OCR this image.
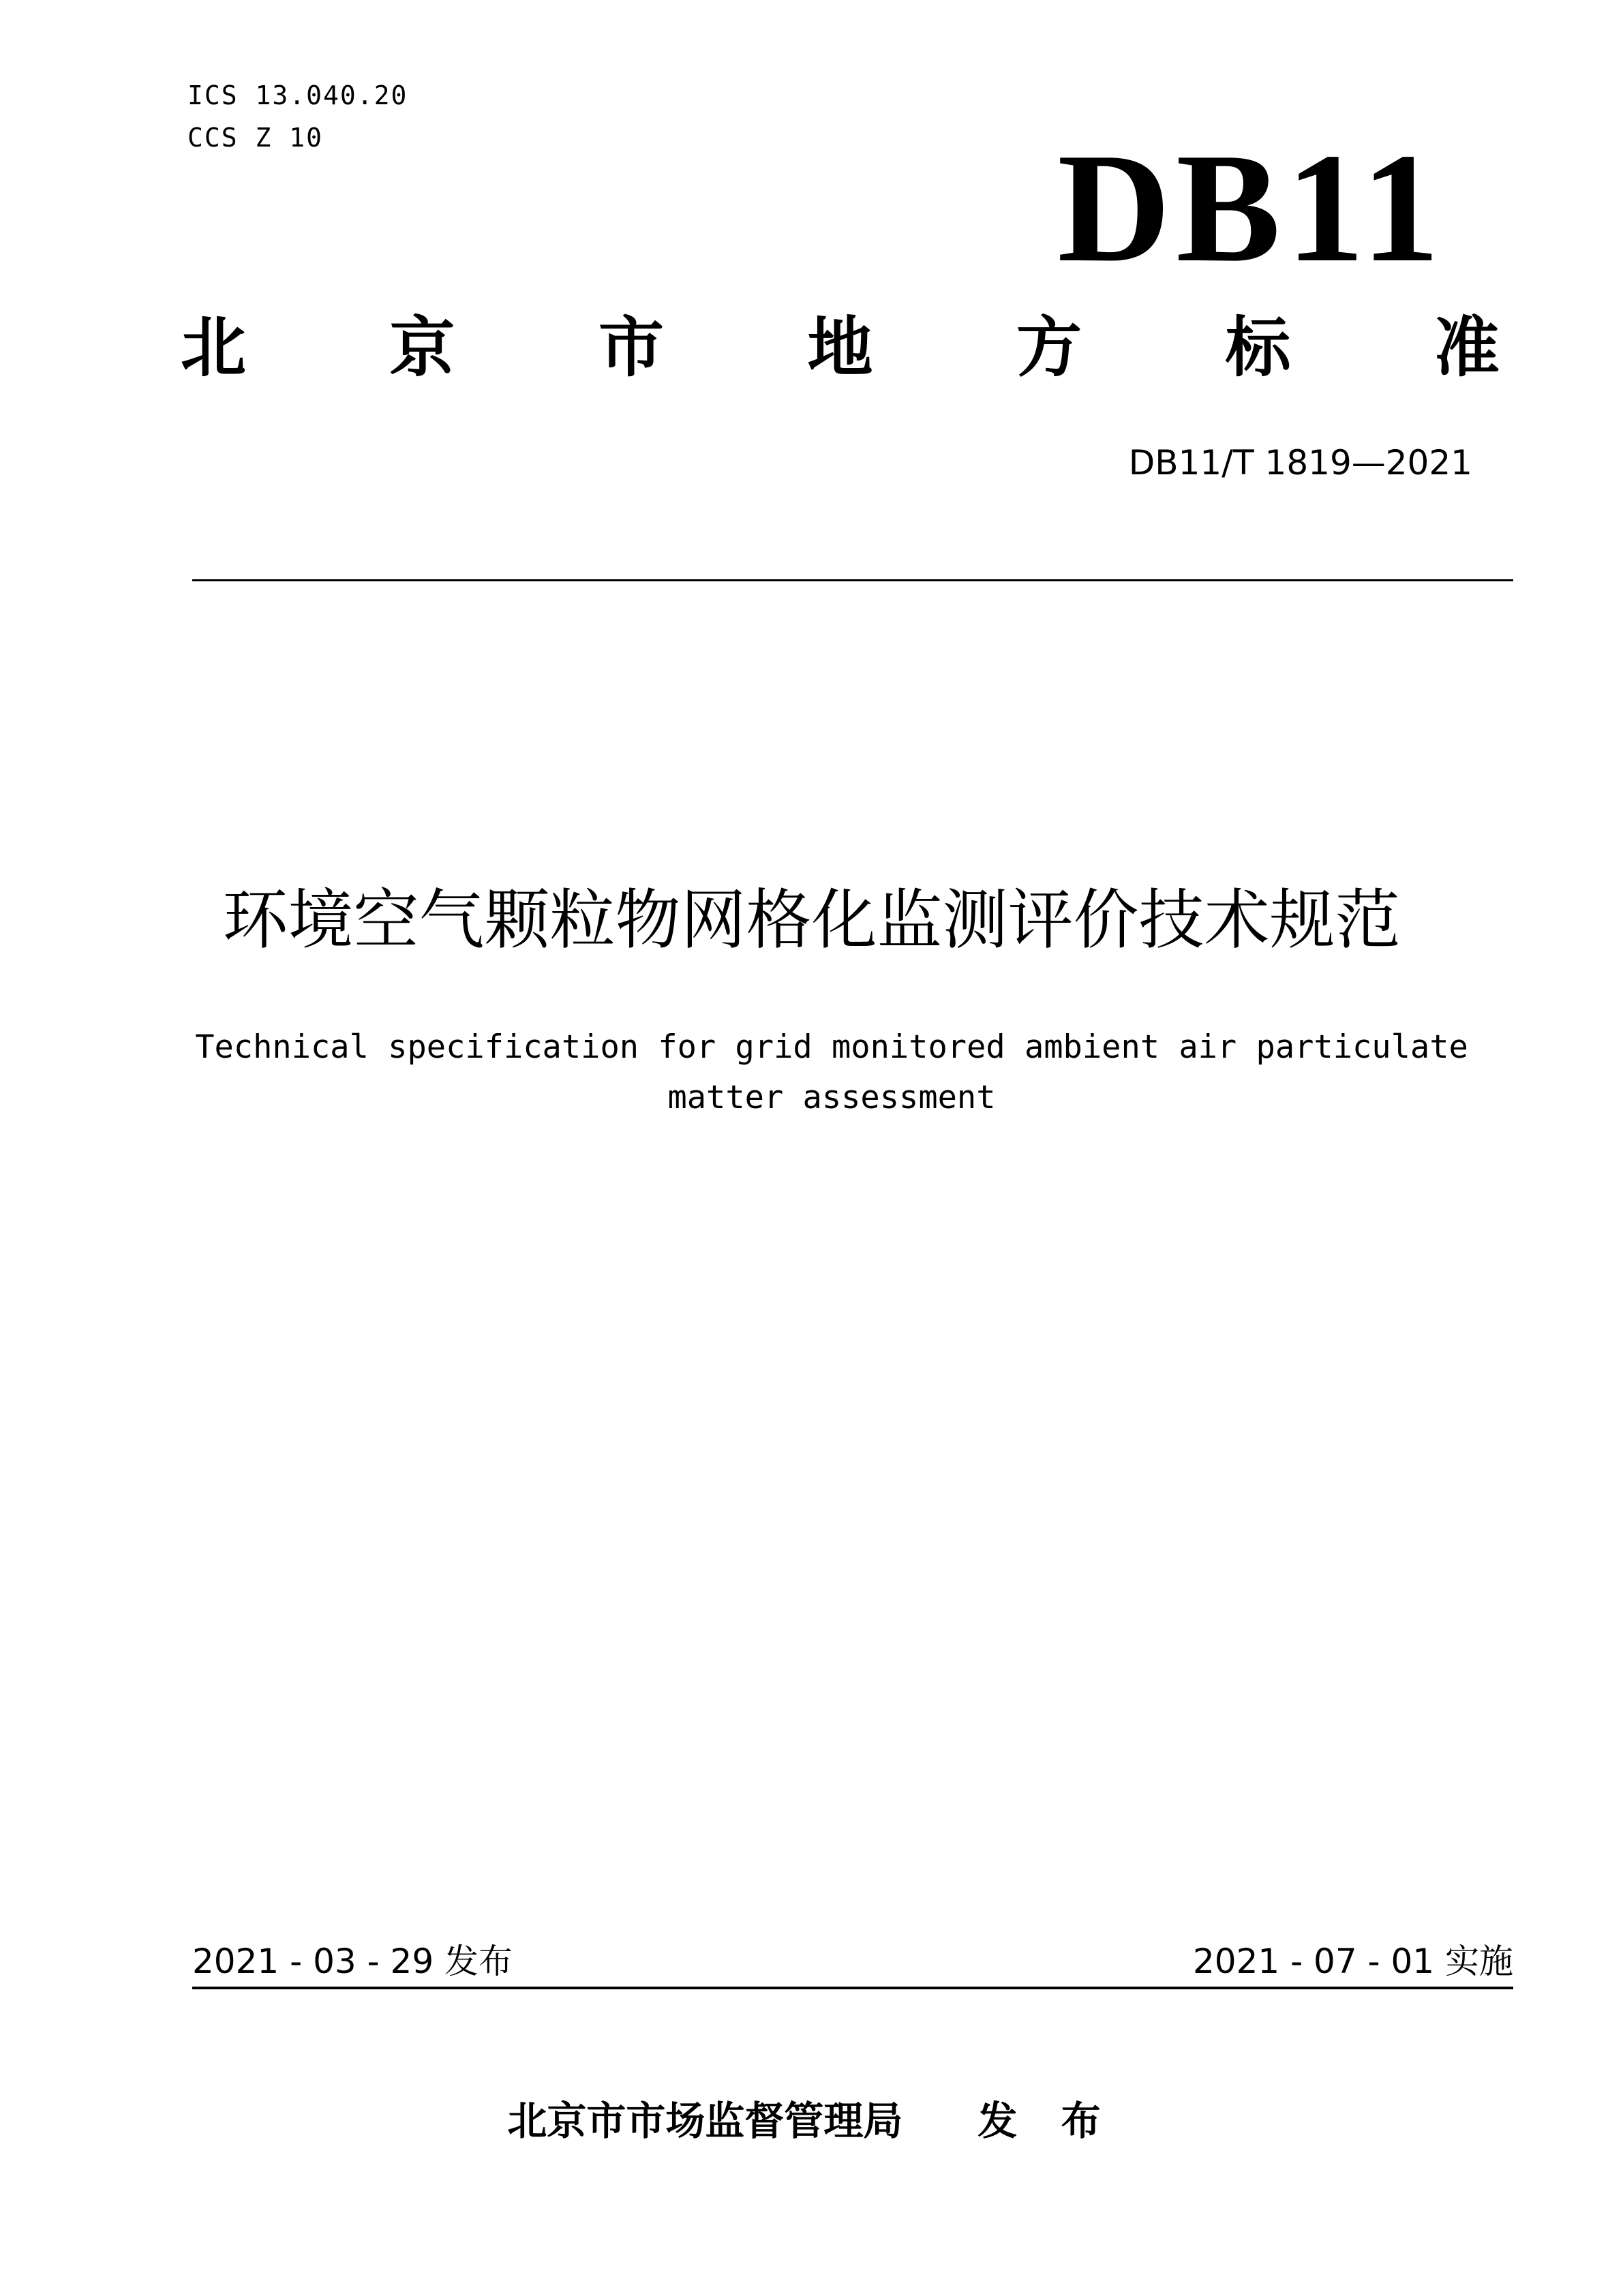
ICS 13.040.20
CCS Z 10	DB11
北 京 市 地 方 标 准
DB11/T 1819—2021
环境空气颗粒物网格化监测评价技术规范
Technical specification for grid monitored ambient air particulate matter assessment
2021 - 03 - 29 发布	2021 - 07 - 01 实施
北京市市场监督管理局 发 布
